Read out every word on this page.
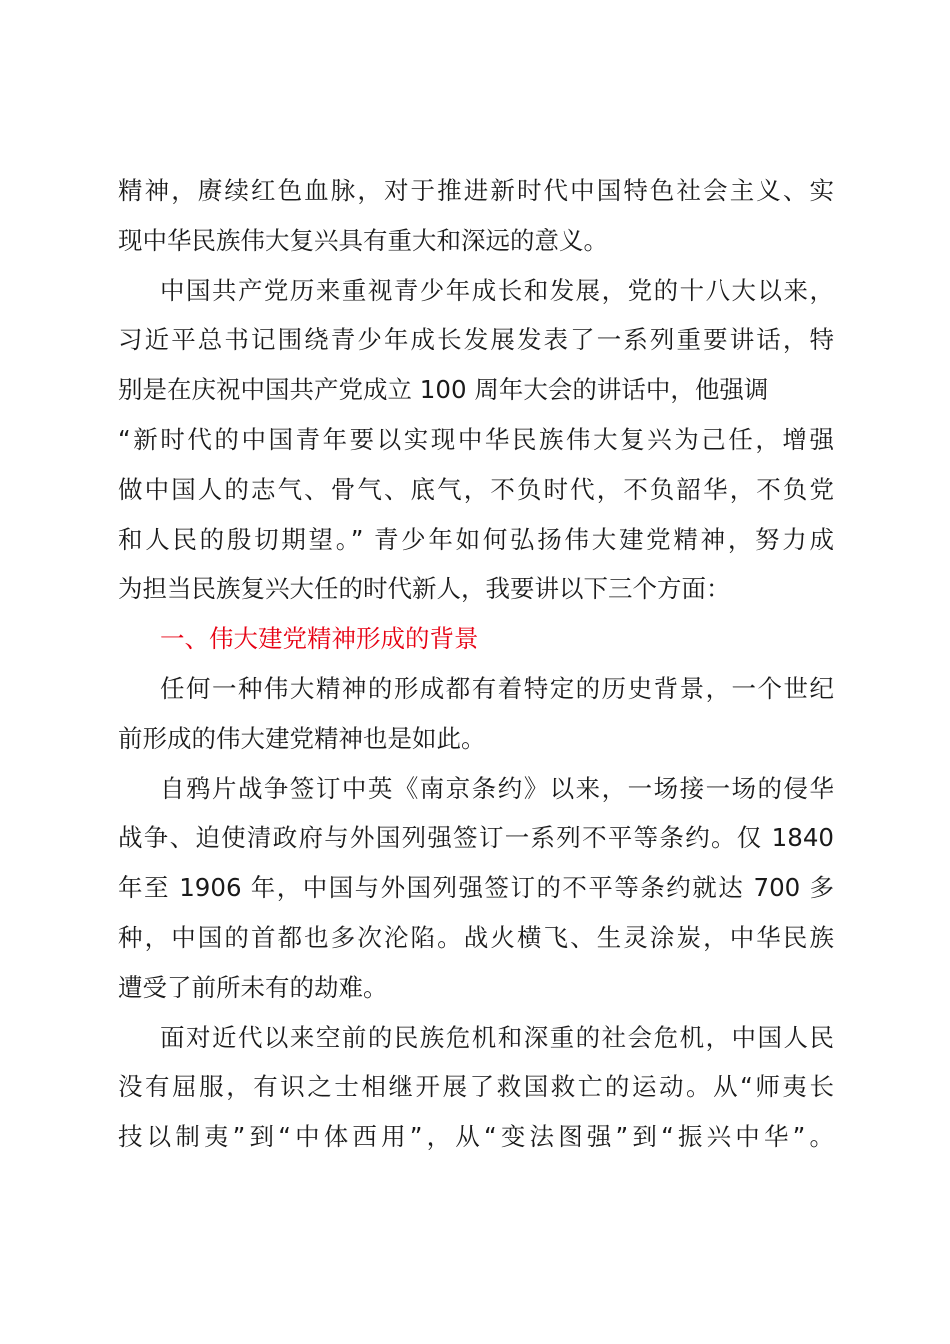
精神，赓续红色血脉，对于推进新时代中国特色社会主义、实
现中华民族伟大复兴具有重大和深远的意义。
中国共产党历来重视青少年成长和发展，党的十八大以来，
习近平总书记围绕青少年成长发展发表了一系列重要讲话，特
别是在庆祝中国共产党成立 100 周年大会的讲话中，他强调
“新时代的中国青年要以实现中华民族伟大复兴为己任，增强
做中国人的志气、骨气、底气，不负时代，不负韶华，不负党
和人民的殷切期望。” 青少年如何弘扬伟大建党精神，努力成
为担当民族复兴大任的时代新人，我要讲以下三个方面：
一、伟大建党精神形成的背景
任何一种伟大精神的形成都有着特定的历史背景，一个世纪
前形成的伟大建党精神也是如此。
自鸦片战争签订中英《南京条约》以来，一场接一场的侵华
战争、迫使清政府与外国列强签订一系列不平等条约。仅 1840
年至 1906 年，中国与外国列强签订的不平等条约就达 700 多
种，中国的首都也多次沦陷。战火横飞、生灵涂炭，中华民族
遭受了前所未有的劫难。
面对近代以来空前的民族危机和深重的社会危机，中国人民
没有屈服，有识之士相继开展了救国救亡的运动。从“师夷长
技以制夷”到“中体西用”，从“变法图强”到“振兴中华”。
